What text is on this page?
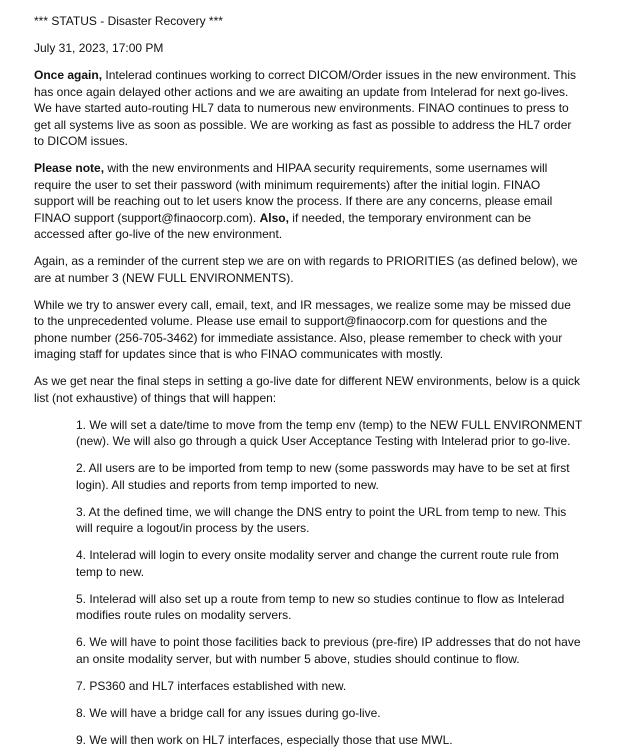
*** STATUS - Disaster Recovery ***

July 31, 2023, 17:00 PM

Once again, Intelerad continues working to correct DICOM/Order issues in the new environment. This has once again delayed other actions and we are awaiting an update from Intelerad for next go-lives. We have started auto-routing HL7 data to numerous new environments. FINAO continues to press to get all systems live as soon as possible. We are working as fast as possible to address the HL7 order to DICOM issues.

Please note, with the new environments and HIPAA security requirements, some usernames will require the user to set their password (with minimum requirements) after the initial login. FINAO support will be reaching out to let users know the process. If there are any concerns, please email FINAO support (support@finaocorp.com). Also, if needed, the temporary environment can be accessed after go-live of the new environment.

Again, as a reminder of the current step we are on with regards to PRIORITIES (as defined below), we are at number 3 (NEW FULL ENVIRONMENTS).

While we try to answer every call, email, text, and IR messages, we realize some may be missed due to the unprecedented volume. Please use email to support@finaocorp.com for questions and the phone number (256-705-3462) for immediate assistance. Also, please remember to check with your imaging staff for updates since that is who FINAO communicates with mostly.

As we get near the final steps in setting a go-live date for different NEW environments, below is a quick list (not exhaustive) of things that will happen:

1. We will set a date/time to move from the temp env (temp) to the NEW FULL ENVIRONMENT (new). We will also go through a quick User Acceptance Testing with Intelerad prior to go-live.
2. All users are to be imported from temp to new (some passwords may have to be set at first login). All studies and reports from temp imported to new.
3. At the defined time, we will change the DNS entry to point the URL from temp to new. This will require a logout/in process by the users.
4. Intelerad will login to every onsite modality server and change the current route rule from temp to new.
5. Intelerad will also set up a route from temp to new so studies continue to flow as Intelerad modifies route rules on modality servers.
6. We will have to point those facilities back to previous (pre-fire) IP addresses that do not have an onsite modality server, but with number 5 above, studies should continue to flow.
7. PS360 and HL7 interfaces established with new.
8. We will have a bridge call for any issues during go-live.
9. We will then work on HL7 interfaces, especially those that use MWL.
